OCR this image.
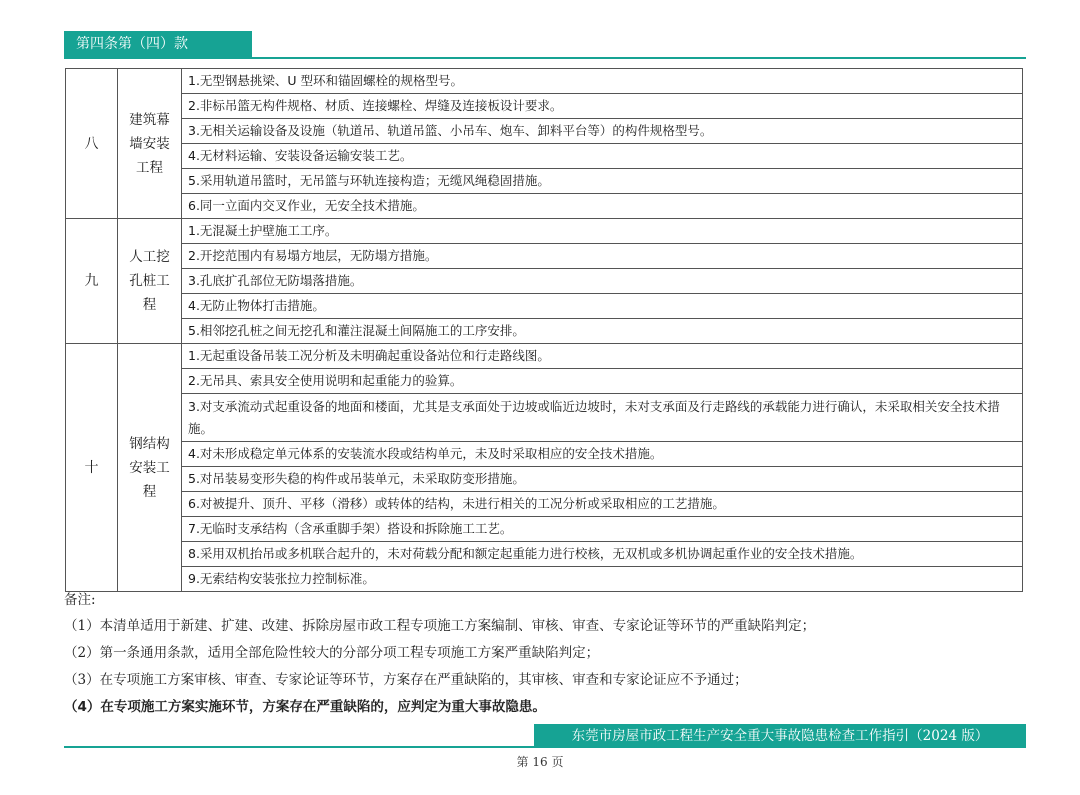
第四条第（四）款
八	建筑幕墙安装工程	1.无型钢悬挑梁、U 型环和锚固螺栓的规格型号。
		2.非标吊篮无构件规格、材质、连接螺栓、焊缝及连接板设计要求。
		3.无相关运输设备及设施（轨道吊、轨道吊篮、小吊车、炮车、卸料平台等）的构件规格型号。
		4.无材料运输、安装设备运输安装工艺。
		5.采用轨道吊篮时，无吊篮与环轨连接构造；无缆风绳稳固措施。
		6.同一立面内交叉作业，无安全技术措施。
九	人工挖孔桩工程	1.无混凝土护壁施工工序。
		2.开挖范围内有易塌方地层，无防塌方措施。
		3.孔底扩孔部位无防塌落措施。
		4.无防止物体打击措施。
		5.相邻挖孔桩之间无挖孔和灌注混凝土间隔施工的工序安排。
十	钢结构安装工程	1.无起重设备吊装工况分析及未明确起重设备站位和行走路线图。
		2.无吊具、索具安全使用说明和起重能力的验算。
		3.对支承流动式起重设备的地面和楼面，尤其是支承面处于边坡或临近边坡时，未对支承面及行走路线的承载能力进行确认，未采取相关安全技术措施。
		4.对未形成稳定单元体系的安装流水段或结构单元，未及时采取相应的安全技术措施。
		5.对吊装易变形失稳的构件或吊装单元，未采取防变形措施。
		6.对被提升、顶升、平移（滑移）或转体的结构，未进行相关的工况分析或采取相应的工艺措施。
		7.无临时支承结构（含承重脚手架）搭设和拆除施工工艺。
		8.采用双机抬吊或多机联合起升的，未对荷载分配和额定起重能力进行校核，无双机或多机协调起重作业的安全技术措施。
		9.无索结构安装张拉力控制标准。
备注:
（1）本清单适用于新建、扩建、改建、拆除房屋市政工程专项施工方案编制、审核、审查、专家论证等环节的严重缺陷判定；
（2）第一条通用条款，适用全部危险性较大的分部分项工程专项施工方案严重缺陷判定；
（3）在专项施工方案审核、审查、专家论证等环节，方案存在严重缺陷的，其审核、审查和专家论证应不予通过；
（4）在专项施工方案实施环节，方案存在严重缺陷的，应判定为重大事故隐患。
东莞市房屋市政工程生产安全重大事故隐患检查工作指引（2024 版）
第 16 页
